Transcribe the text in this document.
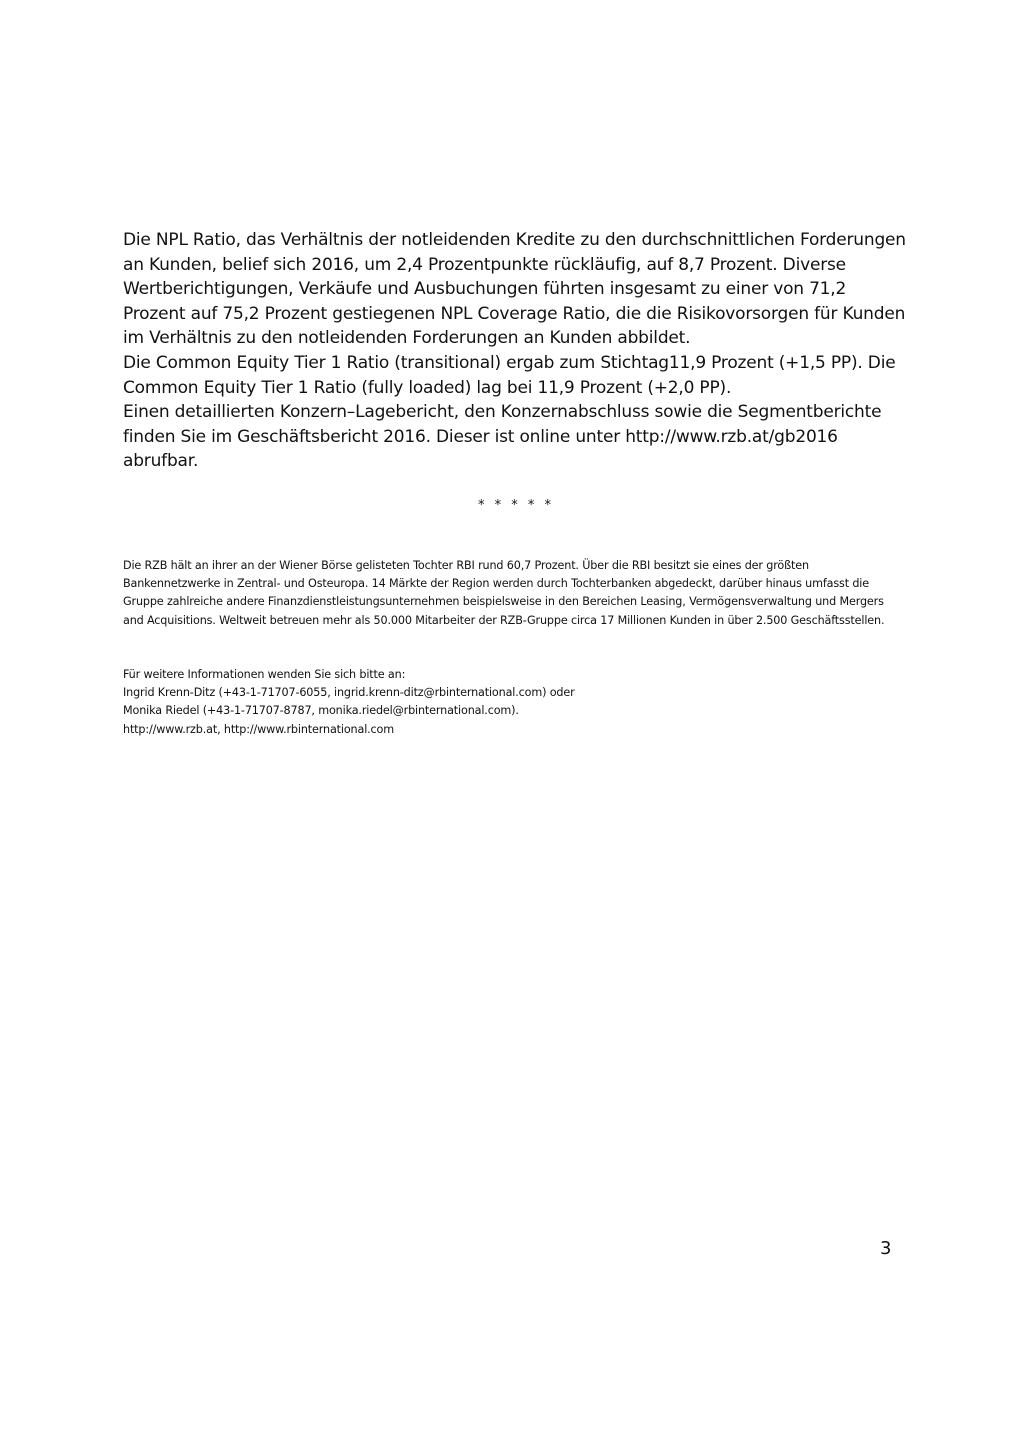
Die NPL Ratio, das Verhältnis der notleidenden Kredite zu den durchschnittlichen Forderungen an Kunden, belief sich 2016, um 2,4 Prozentpunkte rückläufig, auf 8,7 Prozent. Diverse Wertberichtigungen, Verkäufe und Ausbuchungen führten insgesamt zu einer von 71,2 Prozent auf 75,2 Prozent gestiegenen NPL Coverage Ratio, die die Risikovorsorgen für Kunden im Verhältnis zu den notleidenden Forderungen an Kunden abbildet.

Die Common Equity Tier 1 Ratio (transitional) ergab zum Stichtag11,9 Prozent (+1,5 PP). Die Common Equity Tier 1 Ratio (fully loaded) lag bei 11,9 Prozent (+2,0 PP).

Einen detaillierten Konzern–Lagebericht, den Konzernabschluss sowie die Segmentberichte finden Sie im Geschäftsbericht 2016. Dieser ist online unter http://www.rzb.at/gb2016 abrufbar.

* * * * *

Die RZB hält an ihrer an der Wiener Börse gelisteten Tochter RBI rund 60,7 Prozent. Über die RBI besitzt sie eines der größten Bankennetzwerke in Zentral- und Osteuropa. 14 Märkte der Region werden durch Tochterbanken abgedeckt, darüber hinaus umfasst die Gruppe zahlreiche andere Finanzdienstleistungsunternehmen beispielsweise in den Bereichen Leasing, Vermögensverwaltung und Mergers and Acquisitions. Weltweit betreuen mehr als 50.000 Mitarbeiter der RZB-Gruppe circa 17 Millionen Kunden in über 2.500 Geschäftsstellen.

Für weitere Informationen wenden Sie sich bitte an:
Ingrid Krenn-Ditz (+43-1-71707-6055, ingrid.krenn-ditz@rbinternational.com) oder
Monika Riedel (+43-1-71707-8787, monika.riedel@rbinternational.com).
http://www.rzb.at, http://www.rbinternational.com
3
